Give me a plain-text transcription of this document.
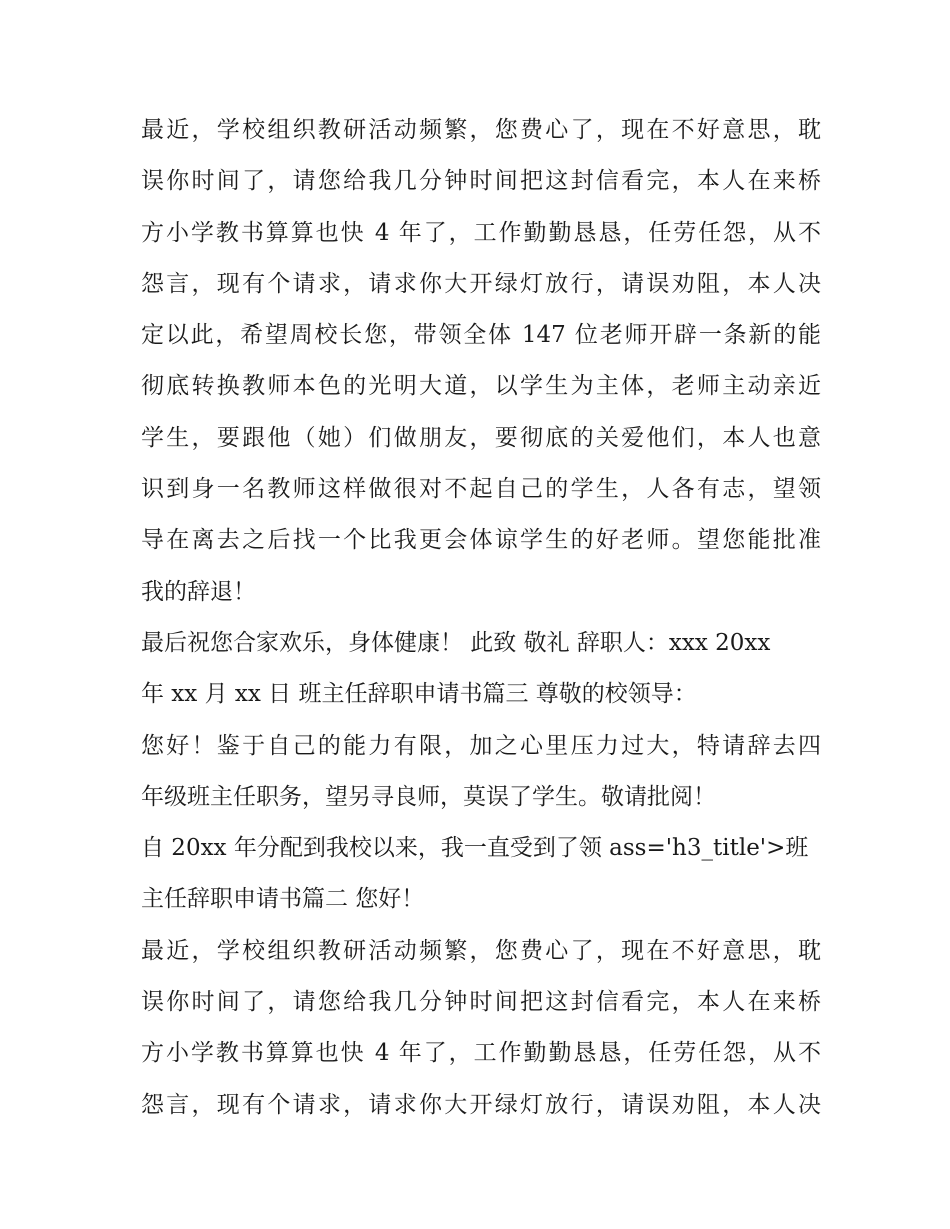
最近，学校组织教研活动频繁，您费心了，现在不好意思，耽
误你时间了，请您给我几分钟时间把这封信看完，本人在来桥
方小学教书算算也快 4 年了，工作勤勤恳恳，任劳任怨，从不
怨言，现有个请求，请求你大开绿灯放行，请误劝阻，本人决
定以此，希望周校长您，带领全体 147 位老师开辟一条新的能
彻底转换教师本色的光明大道，以学生为主体，老师主动亲近
学生，要跟他（她）们做朋友，要彻底的关爱他们，本人也意
识到身一名教师这样做很对不起自己的学生，人各有志，望领
导在离去之后找一个比我更会体谅学生的好老师。望您能批准
我的辞退！
最后祝您合家欢乐，身体健康！ 此致 敬礼 辞职人：xxx 20xx
年 xx 月 xx 日 班主任辞职申请书篇三 尊敬的校领导：
您好！鉴于自己的能力有限，加之心里压力过大，特请辞去四
年级班主任职务，望另寻良师，莫误了学生。敬请批阅！
自 20xx 年分配到我校以来，我一直受到了领 ass='h3_title'>班
主任辞职申请书篇二 您好！
最近，学校组织教研活动频繁，您费心了，现在不好意思，耽
误你时间了，请您给我几分钟时间把这封信看完，本人在来桥
方小学教书算算也快 4 年了，工作勤勤恳恳，任劳任怨，从不
怨言，现有个请求，请求你大开绿灯放行，请误劝阻，本人决
